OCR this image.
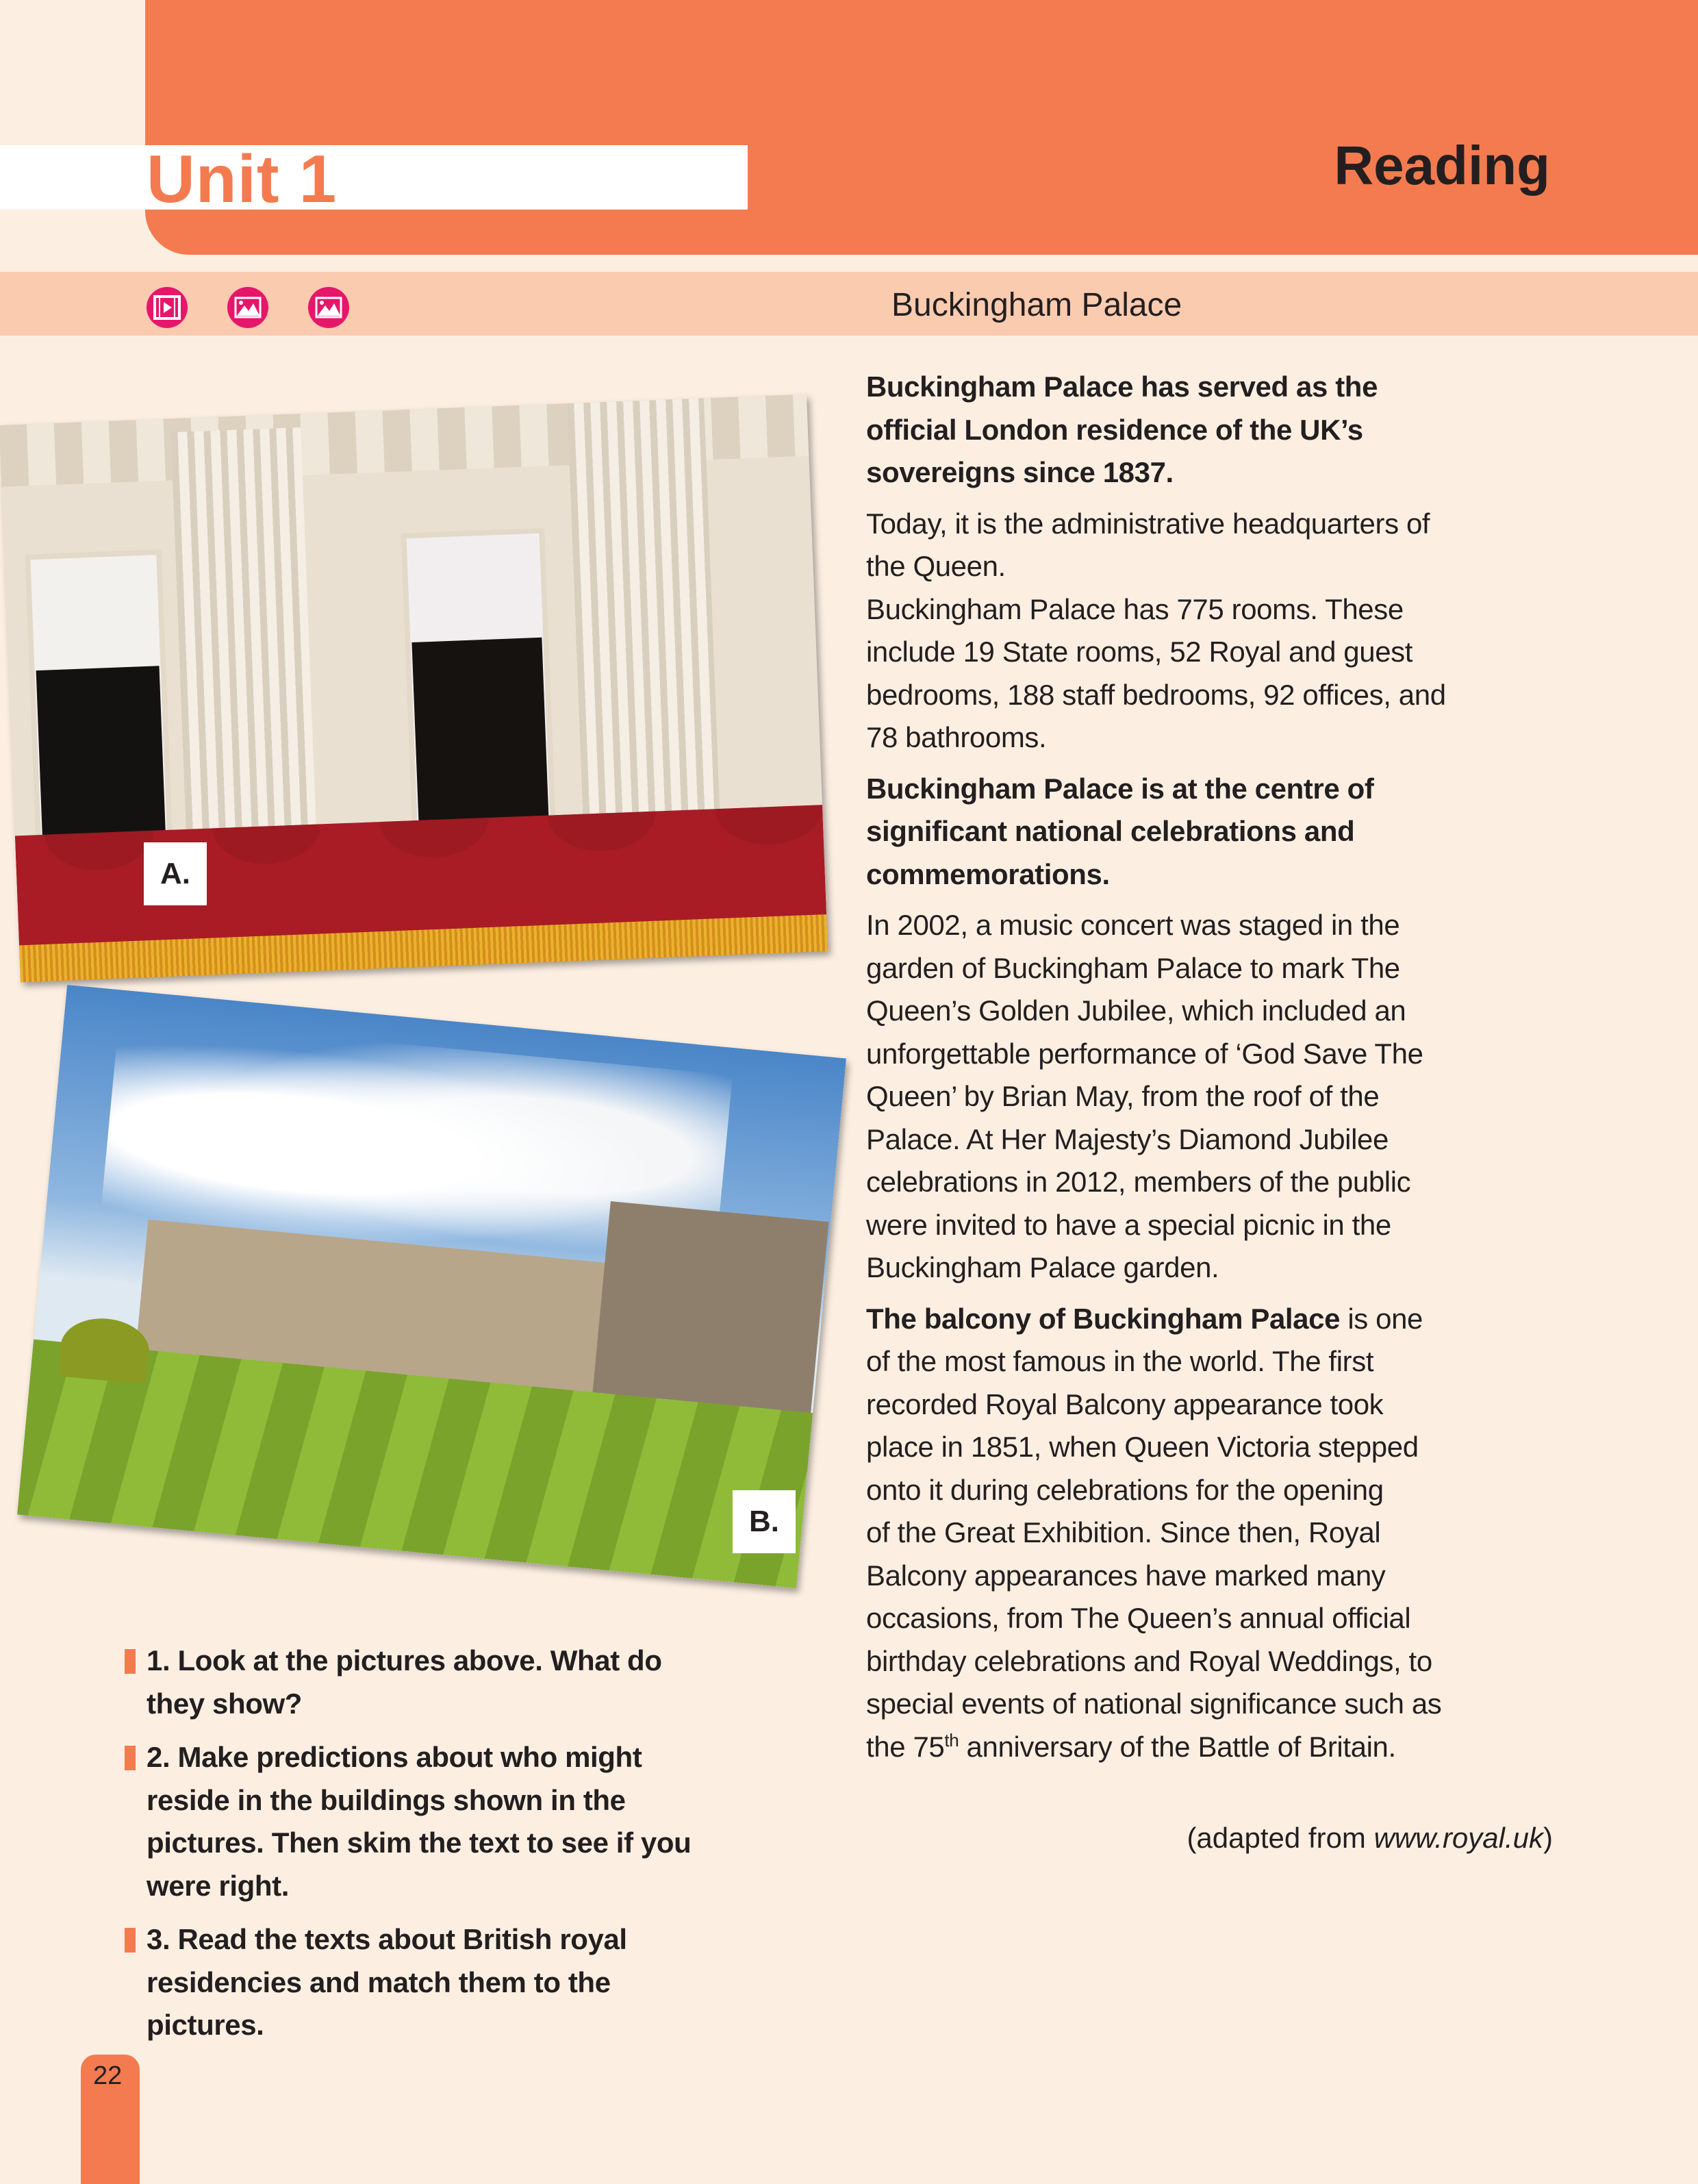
Unit 1	Reading
Buckingham Palace
A.
B.
Buckingham Palace has served as the
official London residence of the UK’s
sovereigns since 1837.
Today, it is the administrative headquarters of
the Queen.
Buckingham Palace has 775 rooms. These
include 19 State rooms, 52 Royal and guest
bedrooms, 188 staff bedrooms, 92 offices, and
78 bathrooms.
Buckingham Palace is at the centre of
significant national celebrations and
commemorations.
In 2002, a music concert was staged in the
garden of Buckingham Palace to mark The
Queen’s Golden Jubilee, which included an
unforgettable performance of ‘God Save The
Queen’ by Brian May, from the roof of the
Palace. At Her Majesty’s Diamond Jubilee
celebrations in 2012, members of the public
were invited to have a special picnic in the
Buckingham Palace garden.
The balcony of Buckingham Palace is one
of the most famous in the world. The first
recorded Royal Balcony appearance took
place in 1851, when Queen Victoria stepped
onto it during celebrations for the opening
of the Great Exhibition. Since then, Royal
Balcony appearances have marked many
occasions, from The Queen’s annual official
birthday celebrations and Royal Weddings, to
special events of national significance such as
the 75th anniversary of the Battle of Britain.
(adapted from www.royal.uk)
1. Look at the pictures above. What do
they show?
2. Make predictions about who might
reside in the buildings shown in the
pictures. Then skim the text to see if you
were right.
3. Read the texts about British royal
residencies and match them to the
pictures.
22
